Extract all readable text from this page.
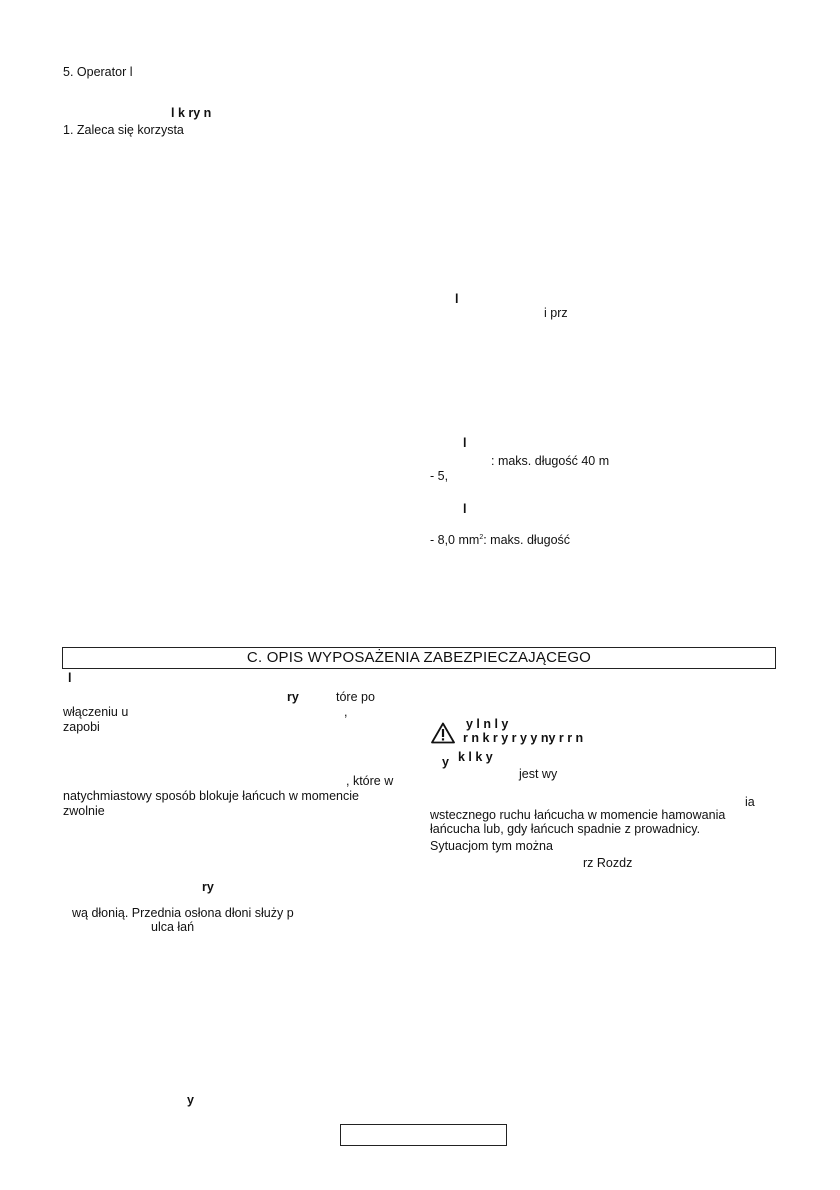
5. Operator l

l k ry n

1. Zaleca się korzysta

l

i prz

l

: maks. długość 40 m

- 5,

l

- 8,0 $mm^2$: maks. długość

C. OPIS WYPOSAŻENIA ZABEZPIECZAJĄCEGO

l

ry	tóre po

włączeniu u	,

zapobi

, które w

natychmiastowy sposób blokuje łańcuch w momencie

zwolnie

ry

wą dłonią. Przednia osłona dłoni służy p

ulca łań

y

y l n l y

r n k r y r y y ny r r n

k l k y

y

jest wy

ia

wstecznego ruchu łańcucha w momencie hamowania

łańcucha lub, gdy łańcuch spadnie z prowadnicy.

Sytuacjom tym można

rz Rozdz
